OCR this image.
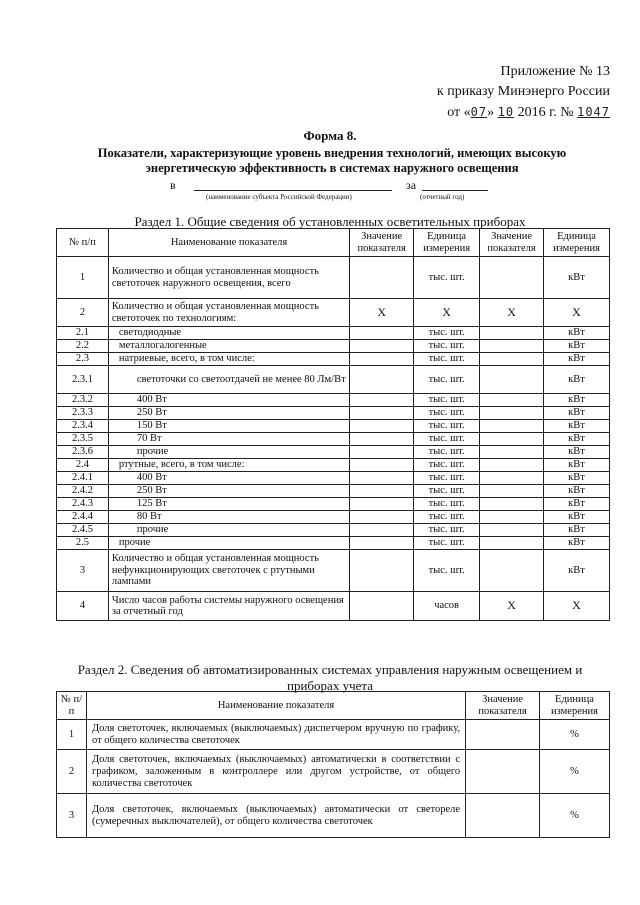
Приложение № 13
к приказу Минэнерго России
от «07» 10 2016 г. № 1047
Форма 8.
Показатели, характеризующие уровень внедрения технологий, имеющих высокую энергетическую эффективность в системах наружного освещения
в
(наименование субъекта Российской Федерации)
за
(отчетный год)
Раздел 1. Общие сведения об установленных осветительных приборах
№ п/п	Наименование показателя	Значение показателя	Единица измерения	Значение показателя	Единица измерения
1	Количество и общая установленная мощность светоточек наружного освещения, всего		тыс. шт.		кВт
2	Количество и общая установленная мощность светоточек по технологиям:	X	X	X	X
2.1	светодиодные		тыс. шт.		кВт
2.2	металлогалогенные		тыс. шт.		кВт
2.3	натриевые, всего, в том числе:		тыс. шт.		кВт
2.3.1	светоточки со светоотдачей не менее 80 Лм/Вт		тыс. шт.		кВт
2.3.2	400 Вт		тыс. шт.		кВт
2.3.3	250 Вт		тыс. шт.		кВт
2.3.4	150 Вт		тыс. шт.		кВт
2.3.5	70 Вт		тыс. шт.		кВт
2.3.6	прочие		тыс. шт.		кВт
2.4	ртутные, всего, в том числе:		тыс. шт.		кВт
2.4.1	400 Вт		тыс. шт.		кВт
2.4.2	250 Вт		тыс. шт.		кВт
2.4.3	125 Вт		тыс. шт.		кВт
2.4.4	80 Вт		тыс. шт.		кВт
2.4.5	прочие		тыс. шт.		кВт
2.5	прочие		тыс. шт.		кВт
3	Количество и общая установленная мощность нефункционирующих светоточек с ртутными лампами		тыс. шт.		кВт
4	Число часов работы системы наружного освещения за отчетный год		часов	X	X
Раздел 2. Сведения об автоматизированных системах управления наружным освещением и приборах учета
№ п/п	Наименование показателя	Значение показателя	Единица измерения
1	Доля светоточек, включаемых (выключаемых) диспетчером вручную по графику, от общего количества светоточек		%
2	Доля светоточек, включаемых (выключаемых) автоматически в соответствии с графиком, заложенным в контроллере или другом устройстве, от общего количества светоточек		%
3	Доля светоточек, включаемых (выключаемых) автоматически от светореле (сумеречных выключателей), от общего количества светоточек		%
